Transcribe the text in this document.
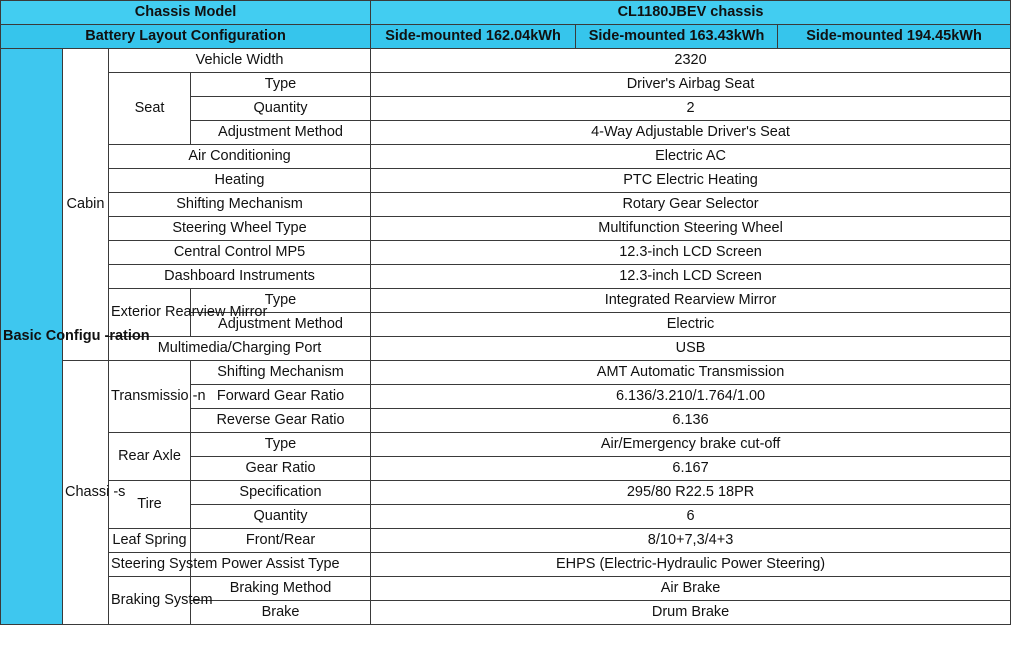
Chassis Model				CL1180JBEV chassis		
Battery Layout Configuration				Side-mounted 162.04kWh	Side-mounted 163.43kWh	Side-mounted 194.45kWh
Basic Configu -ration	Cabin	Vehicle Width		2320		
		Seat	Type	Driver's Airbag Seat		
			Quantity	2		
			Adjustment Method	4-Way Adjustable Driver's Seat		
		Air Conditioning		Electric AC		
		Heating		PTC Electric Heating		
		Shifting Mechanism		Rotary Gear Selector		
		Steering Wheel Type		Multifunction Steering Wheel		
		Central Control MP5		12.3-inch LCD Screen		
		Dashboard Instruments		12.3-inch LCD Screen		
		Exterior Rearview Mirror	Type	Integrated Rearview Mirror		
			Adjustment Method	Electric		
		Multimedia/Charging Port		USB		
	Chassi -s	Transmissio -n	Shifting Mechanism	AMT Automatic Transmission		
			Forward Gear Ratio	6.136/3.210/1.764/1.00		
			Reverse Gear Ratio	6.136		
		Rear Axle	Type	Air/Emergency brake cut-off		
			Gear Ratio	6.167		
		Tire	Specification	295/80 R22.5 18PR		
			Quantity	6		
		Leaf Spring	Front/Rear	8/10+7,3/4+3		
		Steering System	Power Assist Type	EHPS (Electric-Hydraulic Power Steering)		
		Braking System	Braking Method	Air Brake		
			Brake	Drum Brake		
